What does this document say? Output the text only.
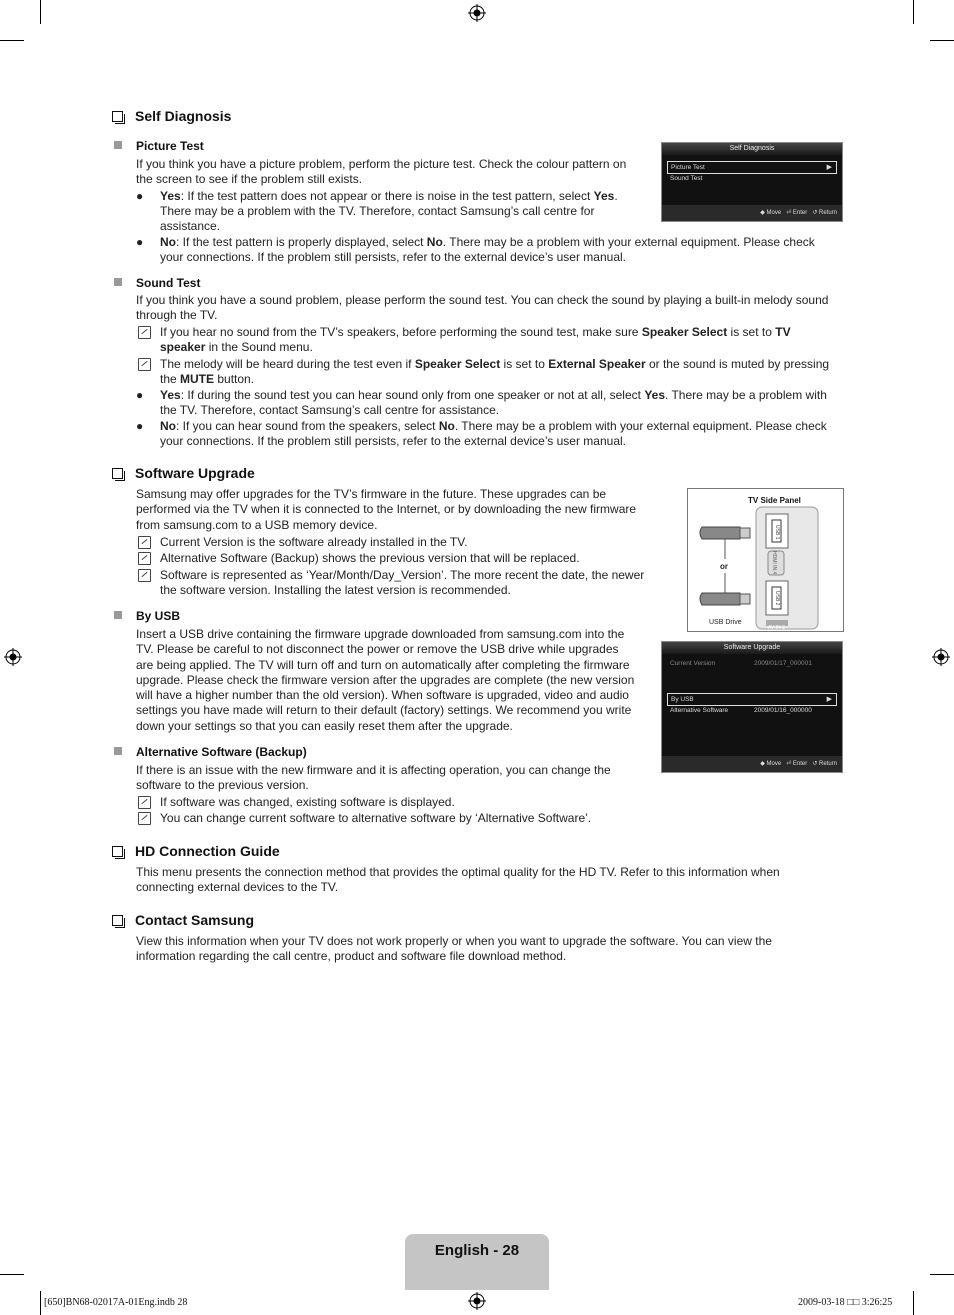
Self Diagnosis
Picture Test
If you think you have a picture problem, perform the picture test. Check the colour pattern on
the screen to see if the problem still exists.
● Yes: If the test pattern does not appear or there is noise in the test pattern, select Yes.
There may be a problem with the TV. Therefore, contact Samsung’s call centre for
assistance.
● No: If the test pattern is properly displayed, select No. There may be a problem with your external equipment. Please check
your connections. If the problem still persists, refer to the external device’s user manual.
Self Diagnosis
Picture Test	▶
Sound Test
◆ Move ⏎ Enter ↺ Return
Sound Test
If you think you have a sound problem, please perform the sound test. You can check the sound by playing a built-in melody sound
through the TV.
If you hear no sound from the TV’s speakers, before performing the sound test, make sure Speaker Select is set to TV
speaker in the Sound menu.
The melody will be heard during the test even if Speaker Select is set to External Speaker or the sound is muted by pressing
the MUTE button.
● Yes: If during the sound test you can hear sound only from one speaker or not at all, select Yes. There may be a problem with
the TV. Therefore, contact Samsung’s call centre for assistance.
● No: If you can hear sound from the speakers, select No. There may be a problem with your external equipment. Please check
your connections. If the problem still persists, refer to the external device’s user manual.
Software Upgrade
Samsung may offer upgrades for the TV’s firmware in the future. These upgrades can be
performed via the TV when it is connected to the Internet, or by downloading the new firmware
from samsung.com to a USB memory device.
Current Version is the software already installed in the TV.
Alternative Software (Backup) shows the previous version that will be replaced.
Software is represented as ‘Year/Month/Day_Version’. The more recent the date, the newer
the software version. Installing the latest version is recommended.
TV Side Panel
or
USB Drive
USB 1
HDMI IN 4
USB 2
AV IN 2
By USB
Insert a USB drive containing the firmware upgrade downloaded from samsung.com into the
TV. Please be careful to not disconnect the power or remove the USB drive while upgrades
are being applied. The TV will turn off and turn on automatically after completing the firmware
upgrade. Please check the firmware version after the upgrades are complete (the new version
will have a higher number than the old version). When software is upgraded, video and audio
settings you have made will return to their default (factory) settings. We recommend you write
down your settings so that you can easily reset them after the upgrade.
Software Upgrade
Current Version	2009/01/17_000001
By USB	▶
Alternative Software	2009/01/16_000000
◆ Move ⏎ Enter ↺ Return
Alternative Software (Backup)
If there is an issue with the new firmware and it is affecting operation, you can change the
software to the previous version.
If software was changed, existing software is displayed.
You can change current software to alternative software by ‘Alternative Software’.
HD Connection Guide
This menu presents the connection method that provides the optimal quality for the HD TV. Refer to this information when
connecting external devices to the TV.
Contact Samsung
View this information when your TV does not work properly or when you want to upgrade the software. You can view the
information regarding the call centre, product and software file download method.
English - 28
[650]BN68-02017A-01Eng.indb 28	2009-03-18 □□ 3:26:25
